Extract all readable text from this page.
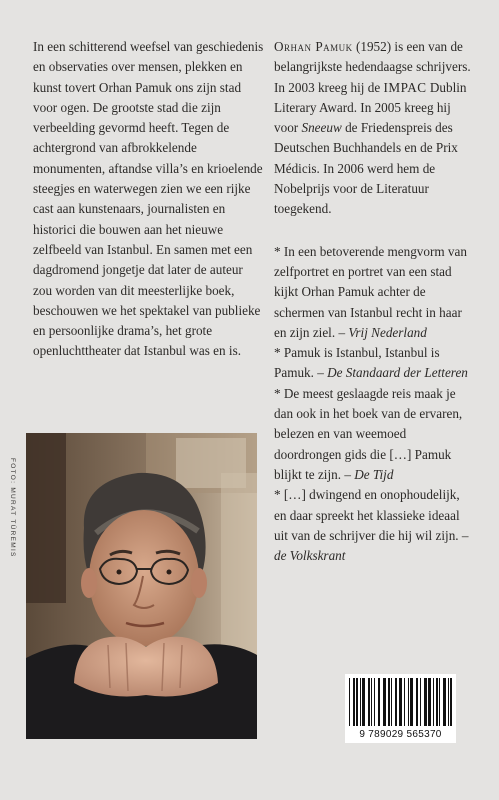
In een schitterend weefsel van geschiedenis en observaties over mensen, plekken en kunst tovert Orhan Pamuk ons zijn stad voor ogen. De grootste stad die zijn verbeelding gevormd heeft. Tegen de achtergrond van afbrokkelende monumenten, aftandse villa’s en krioelende steegjes en waterwegen zien we een rijke cast aan kunstenaars, journalisten en historici die bouwen aan het nieuwe zelfbeeld van Istanbul. En samen met een dagdromend jongetje dat later de auteur zou worden van dit meesterlijke boek, beschouwen we het spektakel van publieke en persoonlijke drama’s, het grote openluchttheater dat Istanbul was en is.

Orhan Pamuk (1952) is een van de belangrijkste hedendaagse schrijvers. In 2003 kreeg hij de IMPAC Dublin Literary Award. In 2005 kreeg hij voor Sneeuw de Friedenspreis des Deutschen Buchhandels en de Prix Médicis. In 2006 werd hem de Nobelprijs voor de Literatuur toegekend.

* In een betoverende mengvorm van zelfportret en portret van een stad kijkt Orhan Pamuk achter de schermen van Istanbul recht in haar en zijn ziel. – Vrij Nederland

* Pamuk is Istanbul, Istanbul is Pamuk. – De Standaard der Letteren

* De meest geslaagde reis maak je dan ook in het boek van de ervaren, belezen en van weemoed doordrongen gids die […] Pamuk blijkt te zijn. – De Tijd

* […] dwingend en onophoudelijk, en daar spreekt het klassieke ideaal uit van de schrijver die hij wil zijn. – de Volkskrant

FOTO: MURAT TÜREMIS
9 789029 565370
